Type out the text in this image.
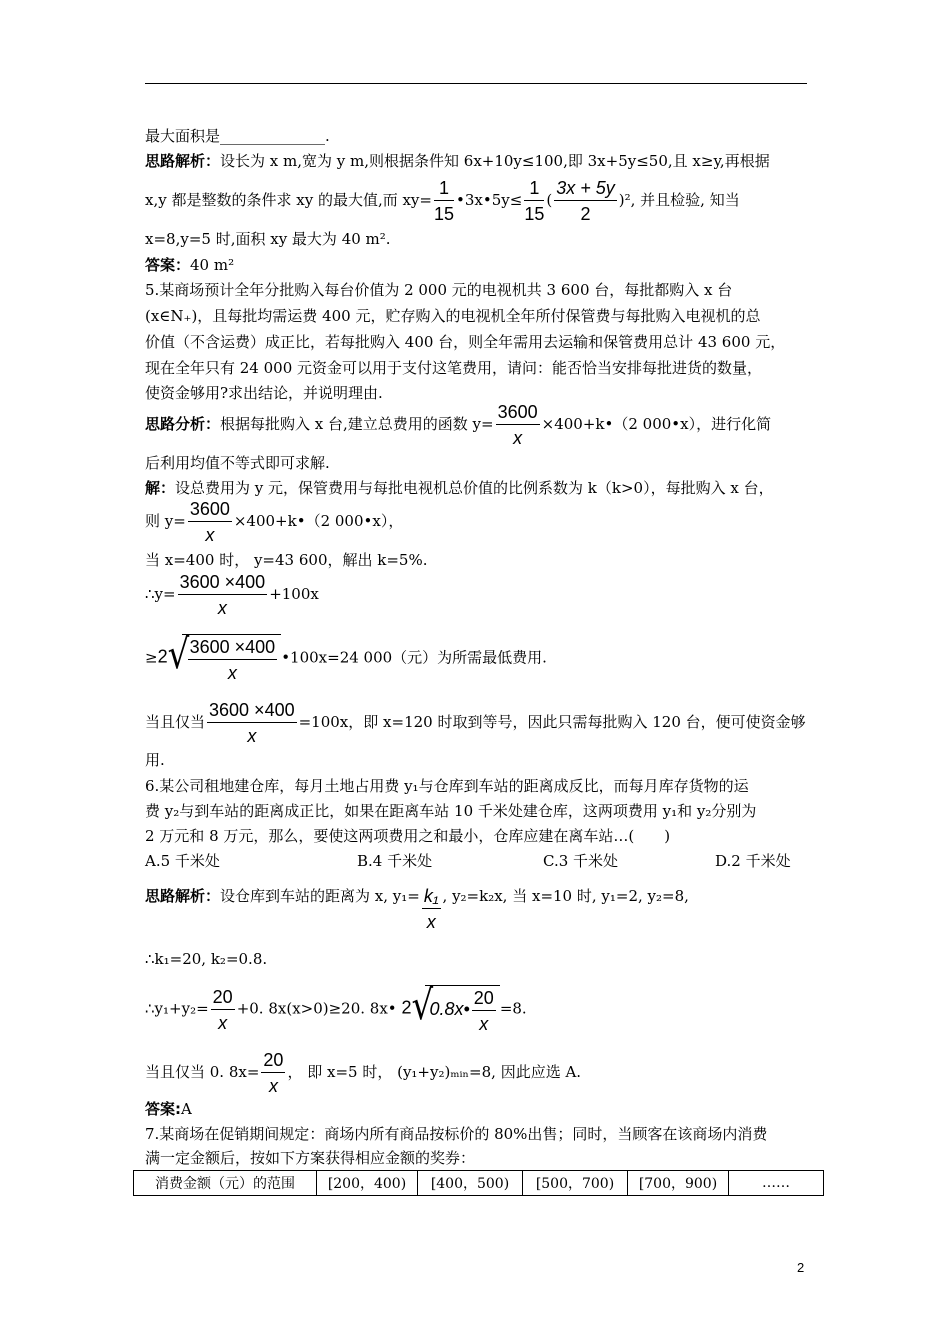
最大面积是______________.
思路解析：设长为 x m,宽为 y m,则根据条件知 6x+10y≤100,即 3x+5y≤50,且 x≥y,再根据
x,y 都是整数的条件求 xy 的最大值,而 $xy= \frac{1}{15}$ •3x•5y≤ $\frac{1}{15}$ ( $\frac{3x + 5y}{2} )^2$, 并且检验, 知当
x=8,y=5 时,面积 xy 最大为 40 m².
答案：40 m²
5.某商场预计全年分批购入每台价值为 2 000 元的电视机共 3 600 台，每批都购入 x 台
(x∈N₊)，且每批均需运费 400 元，贮存购入的电视机全年所付保管费与每批购入电视机的总
价值（不含运费）成正比，若每批购入 400 台，则全年需用去运输和保管费用总计 43 600 元，
现在全年只有 24 000 元资金可以用于支付这笔费用，请问：能否恰当安排每批进货的数量，
使资金够用?求出结论，并说明理由.
思路分析：根据每批购入 x 台,建立总费用的函数 $y= \frac{3600}{x}$ ×400+k•（2 000•x），进行化简
后利用均值不等式即可求解.
解：设总费用为 y 元，保管费用与每批电视机总价值的比例系数为 k（k>0），每批购入 x 台，
则 $y= \frac{3600}{x}$ ×400+k•（2 000•x），
当 x=400 时， y=43 600，解出 k=5%.
∴y= $\frac{3600 \times 400}{x} +100x$
≥2 √
$\frac{3600 \times 400}{x}$ •100x=24 000（元）为所需最低费用.
当且仅当 $\frac{3600 \times 400}{x} =100x$，即 x=120 时取到等号，因此只需每批购入 120 台，便可使资金够
用.
6.某公司租地建仓库，每月土地占用费 y₁与仓库到车站的距离成反比，而每月库存货物的运
费 y₂与到车站的距离成正比，如果在距离车站 10 千米处建仓库，这两项费用 y₁和 y₂分别为
2 万元和 8 万元，那么，要使这两项费用之和最小，仓库应建在离车站…(　　)
A.5 千米处	B.4 千米处	C.3 千米处	D.2 千米处
思路解析：设仓库到车站的距离为 x, $y_1= \frac{\text{k₁}}{x}$ , y₂=k₂x, 当 x=10 时, y₁=2, y₂=8,
∴k₁=20, k₂=0.8.
∴y₁+y₂= $\frac{20}{x} +0$. 8x(x>0)≥20. 8x• 2 √
0.8x• $\frac{20}{x} =8$.
当且仅当 0. $8x= \frac{20}{x}$ ， 即 x=5 时， (y₁+y₂)ₘᵢₙ=8, 因此应选 A.
答案:A
7.某商场在促销期间规定：商场内所有商品按标价的 80%出售；同时，当顾客在该商场内消费
满一定金额后，按如下方案获得相应金额的奖券：
消费金额（元）的范围	[200，400)	[400，500)	[500，700)	[700，900)	……
2
